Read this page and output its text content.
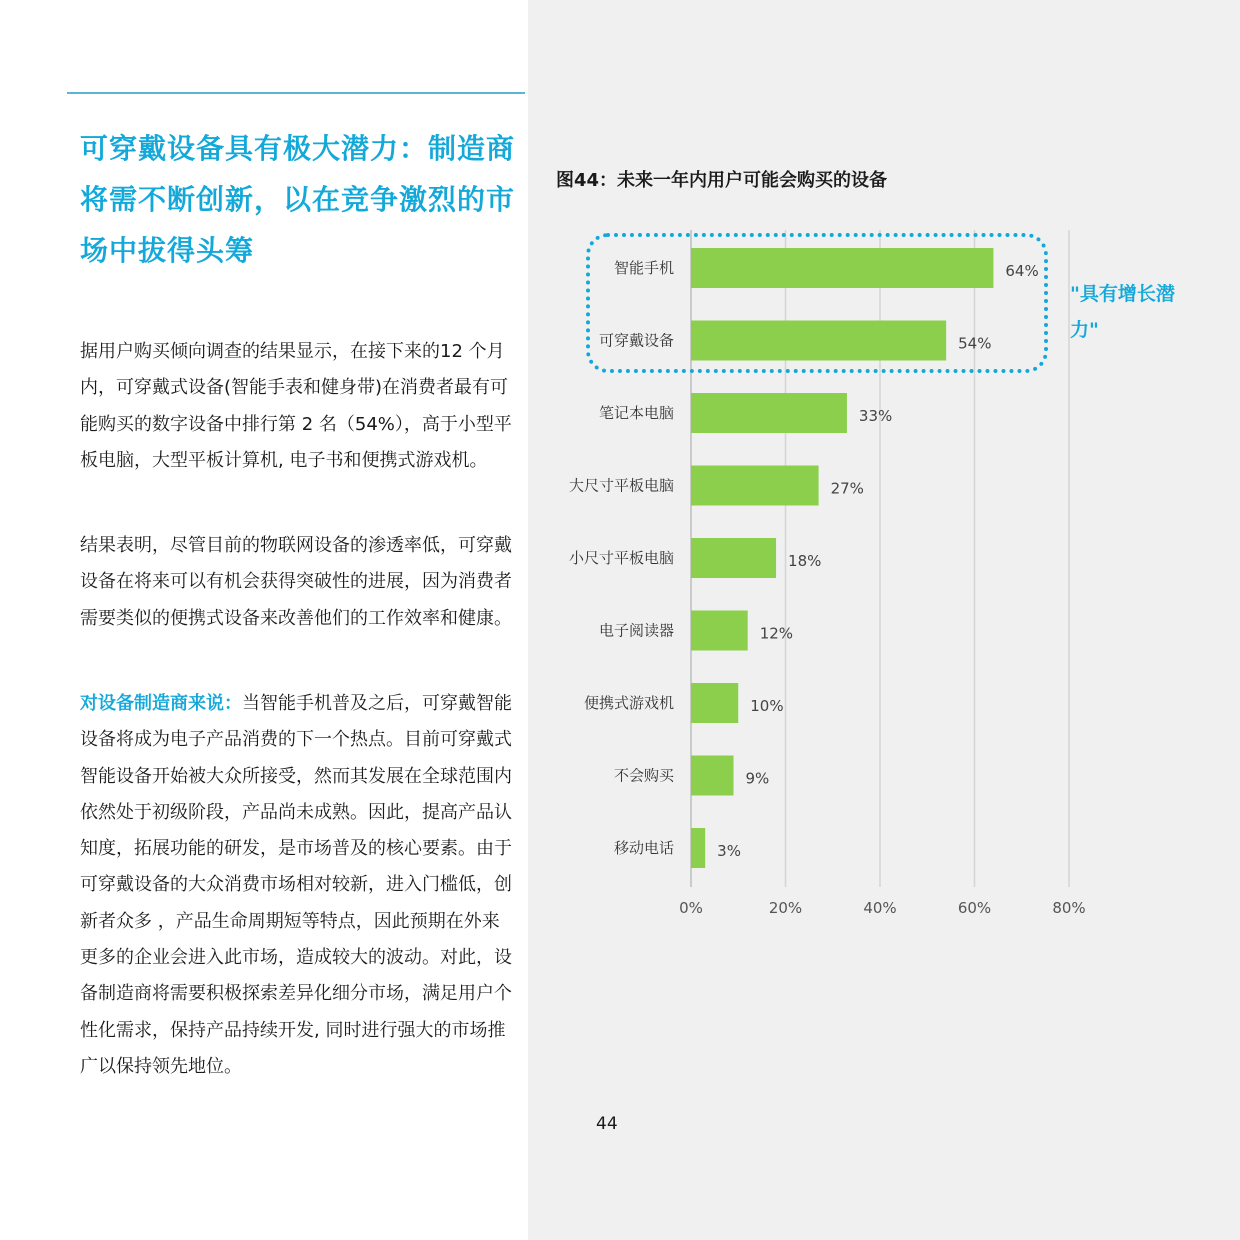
可穿戴设备具有极大潜力：制造商将需不断创新，以在竞争激烈的市场中拔得头筹

据用户购买倾向调查的结果显示，在接下来的12 个月内，可穿戴式设备(智能手表和健身带)在消费者最有可能购买的数字设备中排行第 2 名（54%），高于小型平板电脑，大型平板计算机, 电子书和便携式游戏机。

结果表明，尽管目前的物联网设备的渗透率低，可穿戴设备在将来可以有机会获得突破性的进展，因为消费者需要类似的便携式设备来改善他们的工作效率和健康。

对设备制造商来说：当智能手机普及之后，可穿戴智能设备将成为电子产品消费的下一个热点。目前可穿戴式智能设备开始被大众所接受，然而其发展在全球范围内依然处于初级阶段，产品尚未成熟。因此，提高产品认知度，拓展功能的研发，是市场普及的核心要素。由于可穿戴设备的大众消费市场相对较新，进入门槛低，创新者众多 ，产品生命周期短等特点，因此预期在外来更多的企业会进入此市场，造成较大的波动。对此，设备制造商将需要积极探索差异化细分市场，满足用户个性化需求，保持产品持续开发, 同时进行强大的市场推广以保持领先地位。

图44：未来一年内用户可能会购买的设备

智能手机
可穿戴设备
笔记本电脑
大尺寸平板电脑
小尺寸平板电脑
电子阅读器
便携式游戏机
不会购买
移动电话
64%
54%
33%
27%
18%
12%
10%
9%
3%
0%	20%	40%	60%	80%

"具有增长潜力"

44
